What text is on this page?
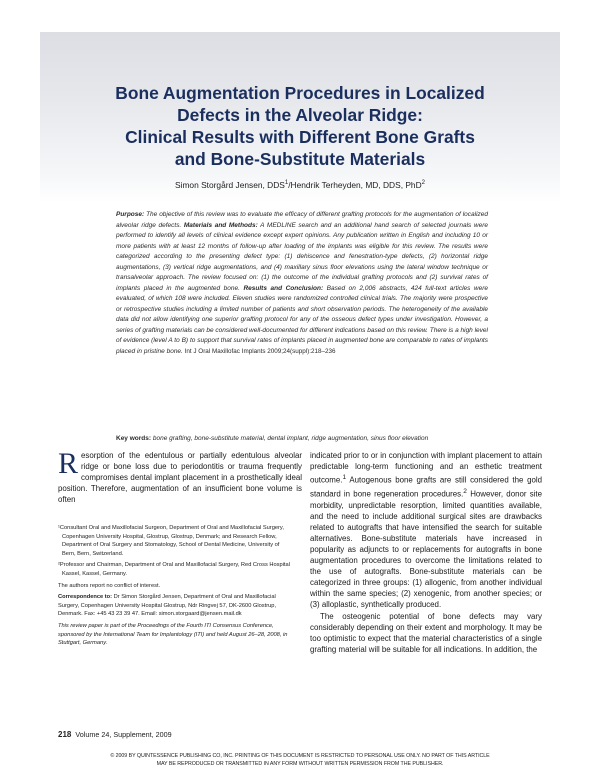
Bone Augmentation Procedures in Localized
Defects in the Alveolar Ridge:
Clinical Results with Different Bone Grafts
and Bone-Substitute Materials
Simon Storgård Jensen, DDS$^1$/Hendrik Terheyden, MD, DDS, PhD$^2$
Purpose: The objective of this review was to evaluate the efficacy of different grafting protocols for the augmentation of localized alveolar ridge defects. Materials and Methods: A MEDLINE search and an additional hand search of selected journals were performed to identify all levels of clinical evidence except expert opinions. Any publication written in English and including 10 or more patients with at least 12 months of follow-up after loading of the implants was eligible for this review. The results were categorized according to the presenting defect type: (1) dehiscence and fenestration-type defects, (2) horizontal ridge augmentations, (3) vertical ridge augmentations, and (4) maxillary sinus floor elevations using the lateral window technique or transalveolar approach. The review focused on: (1) the outcome of the individual grafting protocols and (2) survival rates of implants placed in the augmented bone. Results and Conclusion: Based on 2,006 abstracts, 424 full-text articles were evaluated, of which 108 were included. Eleven studies were randomized controlled clinical trials. The majority were prospective or retrospective studies including a limited number of patients and short observation periods. The heterogeneity of the available data did not allow identifying one superior grafting protocol for any of the osseous defect types under investigation. However, a series of grafting materials can be considered well-documented for different indications based on this review. There is a high level of evidence (level A to B) to support that survival rates of implants placed in augmented bone are comparable to rates of implants placed in pristine bone. Int J Oral Maxillofac Implants 2009;24(suppl):218–236
Key words: bone grafting, bone-substitute material, dental implant, ridge augmentation, sinus floor elevation
Resorption of the edentulous or partially edentulous alveolar ridge or bone loss due to periodontitis or trauma frequently compromises dental implant placement in a prosthetically ideal position. Therefore, augmentation of an insufficient bone volume is often

¹Consultant Oral and Maxillofacial Surgeon, Department of Oral and Maxillofacial Surgery, Copenhagen University Hospital, Glostrup, Glostrup, Denmark; and Research Fellow, Department of Oral Surgery and Stomatology, School of Dental Medicine, University of Bern, Bern, Switzerland.

²Professor and Chairman, Department of Oral and Maxillofacial Surgery, Red Cross Hospital Kassel, Kassel, Germany.

The authors report no conflict of interest.

Correspondence to: Dr Simon Storgård Jensen, Department of Oral and Maxillofacial Surgery, Copenhagen University Hospital Glostrup, Ndr Ringvej 57, DK-2600 Glostrup, Denmark. Fax: +45 43 23 39 47. Email: simon.storgaard@jensen.mail.dk

This review paper is part of the Proceedings of the Fourth ITI Consensus Conference, sponsored by the International Team for Implantology (ITI) and held August 26–28, 2008, in Stuttgart, Germany.

indicated prior to or in conjunction with implant placement to attain predictable long-term functioning and an esthetic treatment outcome.$^1$ Autogenous bone grafts are still considered the gold standard in bone regeneration procedures.$^2$ However, donor site morbidity, unpredictable resorption, limited quantities available, and the need to include additional surgical sites are drawbacks related to autografts that have intensified the search for suitable alternatives. Bone-substitute materials have increased in popularity as adjuncts to or replacements for autografts in bone augmentation procedures to overcome the limitations related to the use of autografts. Bone-substitute materials can be categorized in three groups: (1) allogenic, from another individual within the same species; (2) xenogenic, from another species; or (3) alloplastic, synthetically produced.

The osteogenic potential of bone defects may vary considerably depending on their extent and morphology. It may be too optimistic to expect that the material characteristics of a single grafting material will be suitable for all indications. In addition, the

218 Volume 24, Supplement, 2009
© 2009 BY QUINTESSENCE PUBLISHING CO, INC. PRINTING OF THIS DOCUMENT IS RESTRICTED TO PERSONAL USE ONLY. NO PART OF THIS ARTICLE
MAY BE REPRODUCED OR TRANSMITTED IN ANY FORM WITHOUT WRITTEN PERMISSION FROM THE PUBLISHER.
